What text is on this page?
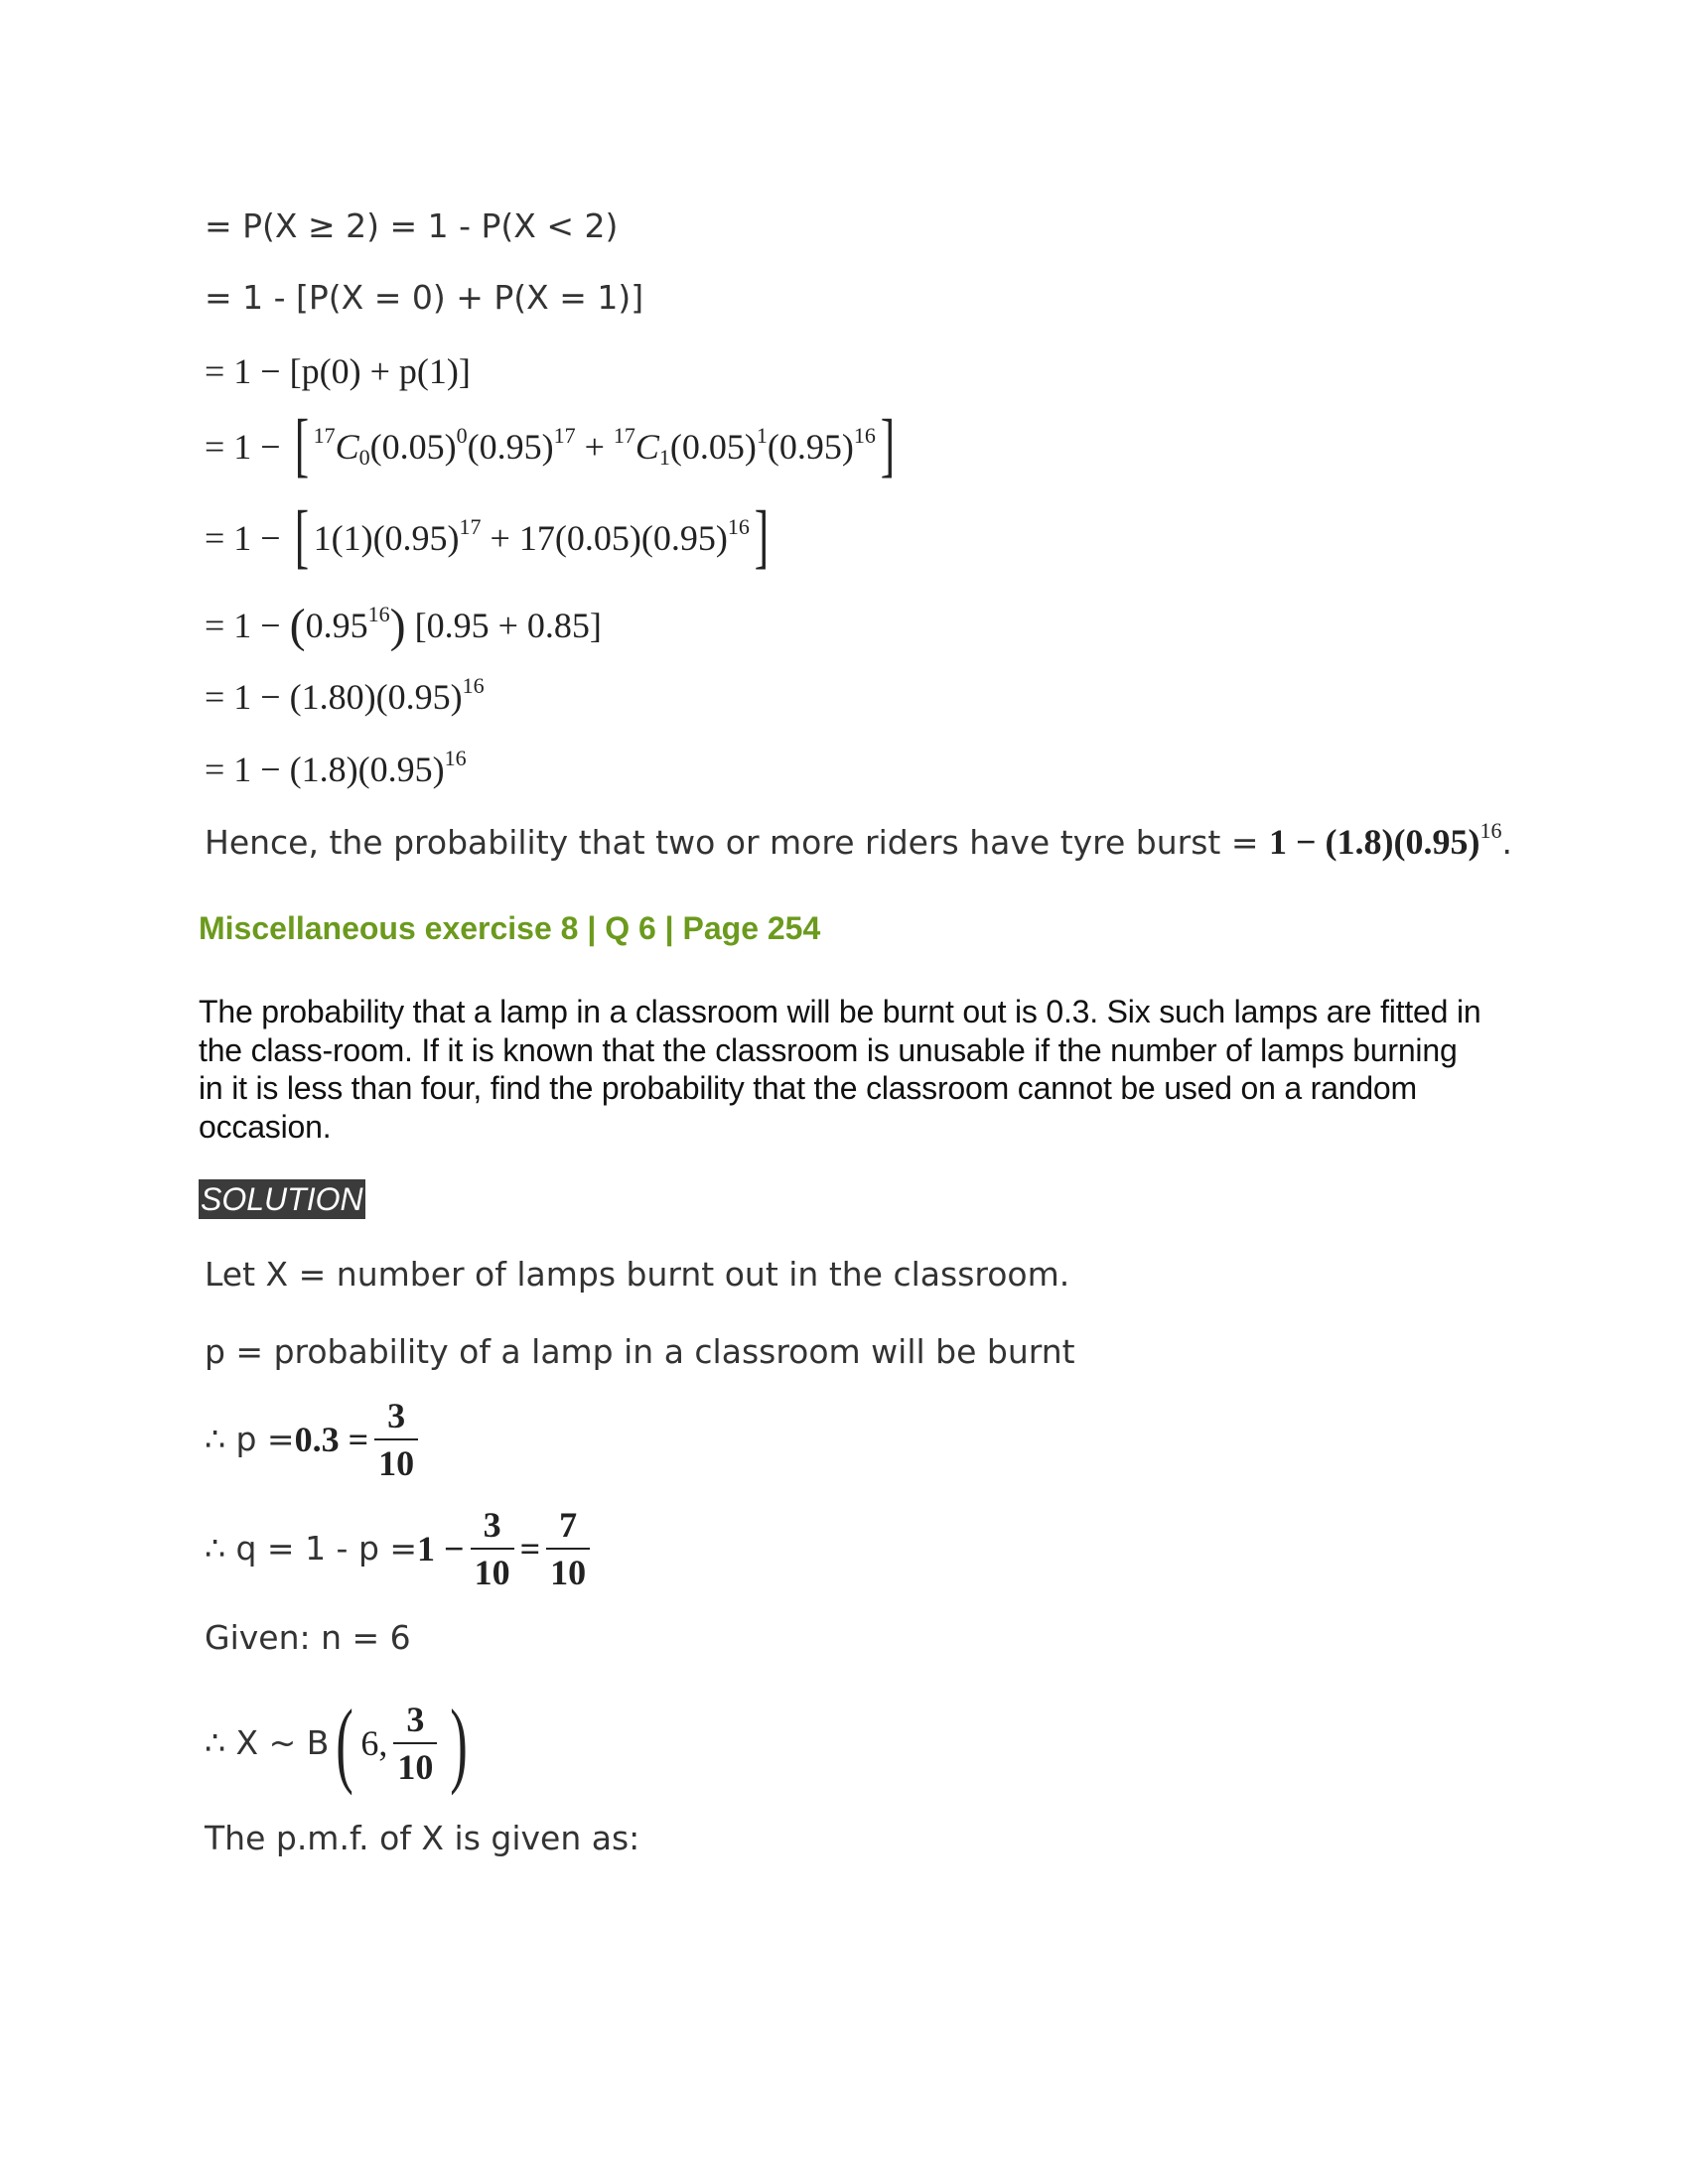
= P(X ≥ 2) = 1 - P(X < 2)
= 1 - [P(X = 0) + P(X = 1)]
= 1 − [p(0) + p(1)]
= 1 − [ $^{17}C_0(0.05)^0(0.95)^{17} + ^{17}C_1(0.05)^1(0.95)^{16}$]
= 1 − [ $1(1)(0.95)^{17} + 17(0.05)(0.95)^{16}$]
= $1 - (0.95^{16}) [0.95 + 0.85]$
= $1 - (1.80)(0.95)^{16}$
= $1 - (1.8)(0.95)^{16}$
Hence, the probability that two or more riders have tyre burst = $1 - (1.8)(0.95)^{16}$.
Miscellaneous exercise 8 | Q 6 | Page 254
The probability that a lamp in a classroom will be burnt out is 0.3. Six such lamps are fitted in the class-room. If it is known that the classroom is unusable if the number of lamps burning in it is less than four, find the probability that the classroom cannot be used on a random occasion.
SOLUTION
Let X = number of lamps burnt out in the classroom.
p = probability of a lamp in a classroom will be burnt
∴ $p = 0.3 = \frac{3}{10}$
∴ $q = 1 - p = 1 - \frac{3}{10} = \frac{7}{10}$
Given: n = 6
∴ X ~ B ( 6, $\frac{3}{10}$ )
The p.m.f. of X is given as:
